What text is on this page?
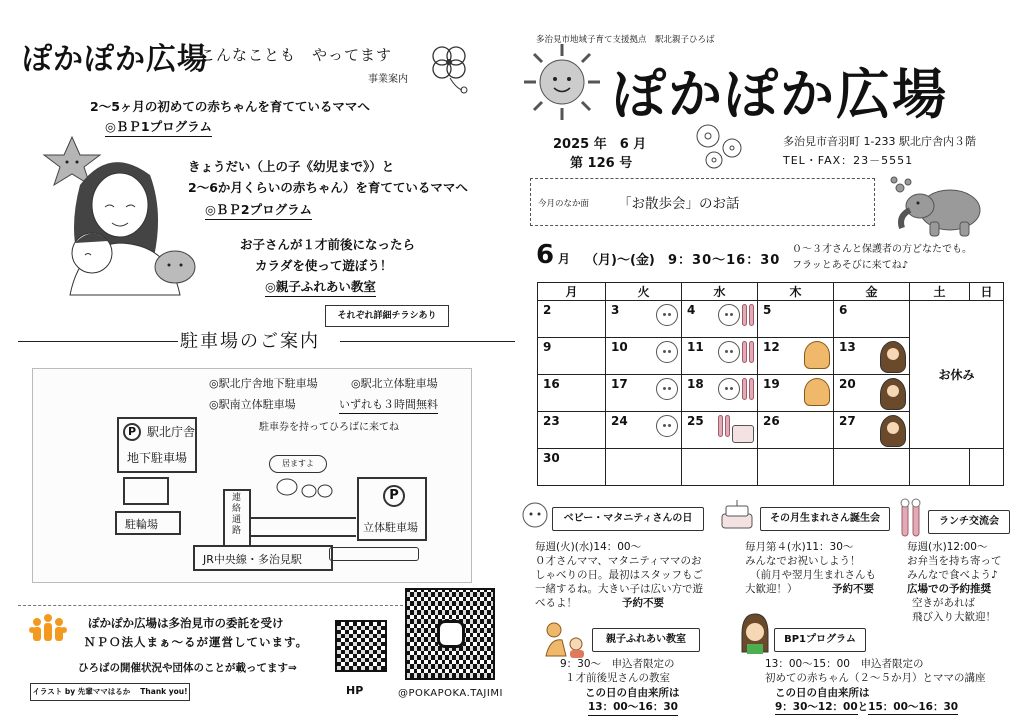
ぽかぽか広場
こんなことも　やってます
事業案内
2～5ヶ月の初めての赤ちゃんを育てているママへ
◎ＢＰ1プログラム
きょうだい（上の子《幼児まで》）と
2～6か月くらいの赤ちゃん）を育てているママへ
◎ＢＰ2プログラム
お子さんが１才前後になったら
カラダを使って遊ぼう！
◎親子ふれあい教室
それぞれ詳細チラシあり
駐車場のご案内
◎駅北庁舎地下駐車場	◎駅北立体駐車場
◎駅南立体駐車場	いずれも３時間無料
駐車券を持ってひろばに来てね
P 駅北庁舎
地下駐車場
駐輪場
連絡通路
P
立体駐車場
JR中央線・多治見駅
居ますよ
ぽかぽか広場は多治見市の委託を受け
ＮＰＯ法人まぁ～るが運営しています。
ひろばの開催状況や団体のことが載ってます⇒
イラスト by 先輩ママはるか　 Thank you!	HP	@POKAPOKA.TAJIMI
多治見市地域子育て支援拠点　駅北親子ひろば
ぽかぽか広場
2025 年　6 月
第 126 号
多治見市音羽町 1-233 駅北庁舎内３階
TEL・FAX：23－5551
今月のなか面 「お散歩会」のお話
6 月 （月)～(金) 9：30～16：30
０～３才さんと保護者の方どなたでも。
フラッとあそびに来てね♪
月	火	水	木	金	土	日
2	3	4	5	6	お休み	
9	10	11	12	13		

16	17	18	19	20		

23	24	25	26	27		

30						
ベビー・マタニティさんの日
毎週(火)(水)14：00～
０才さんママ、マタニティママのお
しゃべりの日。最初はスタッフもご
一緒するね。大きい子は広い方で遊
べるよ！	予約不要
その月生まれさん誕生会
毎月第４(水)11：30～
みんなでお祝いしよう！
（前月や翌月生まれさんも
大歓迎！）	予約不要
ランチ交流会
毎週(水)12:00～
お弁当を持ち寄って
みんなで食べよう♪
広場での予約推奨
空きがあれば
飛び入り大歓迎！
親子ふれあい教室
9：30～　申込者限定の
１才前後児さんの教室
この日の自由来所は
13：00～16：30
BP1プログラム
13：00～15：00　申込者限定の
初めての赤ちゃん（２～５か月）とママの講座
この日の自由来所は
9：30～12：00と15：00～16：30
